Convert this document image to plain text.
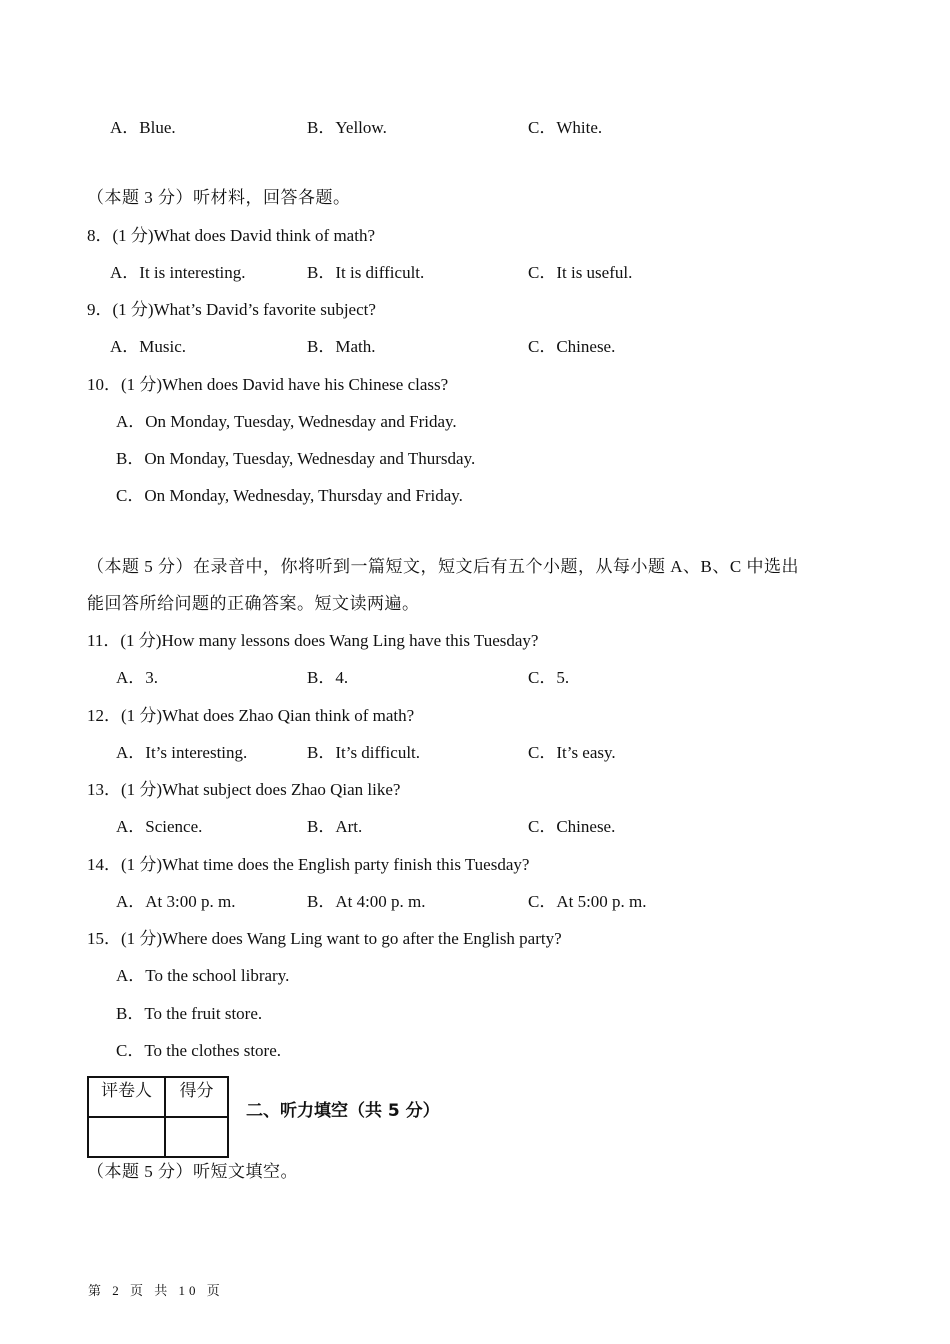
A．Blue.	B．Yellow.	C．White.
（本题 3 分）听材料，回答各题。
8．(1 分)What does David think of math?
A．It is interesting.	B．It is difficult.	C．It is useful.
9．(1 分)What’s David’s favorite subject?
A．Music.	B．Math.	C．Chinese.
10．(1 分)When does David have his Chinese class?
A．On Monday, Tuesday, Wednesday and Friday.
B．On Monday, Tuesday, Wednesday and Thursday.
C．On Monday, Wednesday, Thursday and Friday.
（本题 5 分）在录音中，你将听到一篇短文，短文后有五个小题，从每小题 A、B、C 中选出
能回答所给问题的正确答案。短文读两遍。
11．(1 分)How many lessons does Wang Ling have this Tuesday?
A．3.	B．4.	C．5.
12．(1 分)What does Zhao Qian think of math?
A．It’s interesting.	B．It’s difficult.	C．It’s easy.
13．(1 分)What subject does Zhao Qian like?
A．Science.	B．Art.	C．Chinese.
14．(1 分)What time does the English party finish this Tuesday?
A．At 3:00 p. m.	B．At 4:00 p. m.	C．At 5:00 p. m.
15．(1 分)Where does Wang Ling want to go after the English party?
A．To the school library.
B．To the fruit store.
C．To the clothes store.
评卷人	得分

二、听力填空（共 5 分）
（本题 5 分）听短文填空。
第 2 页 共 10 页
